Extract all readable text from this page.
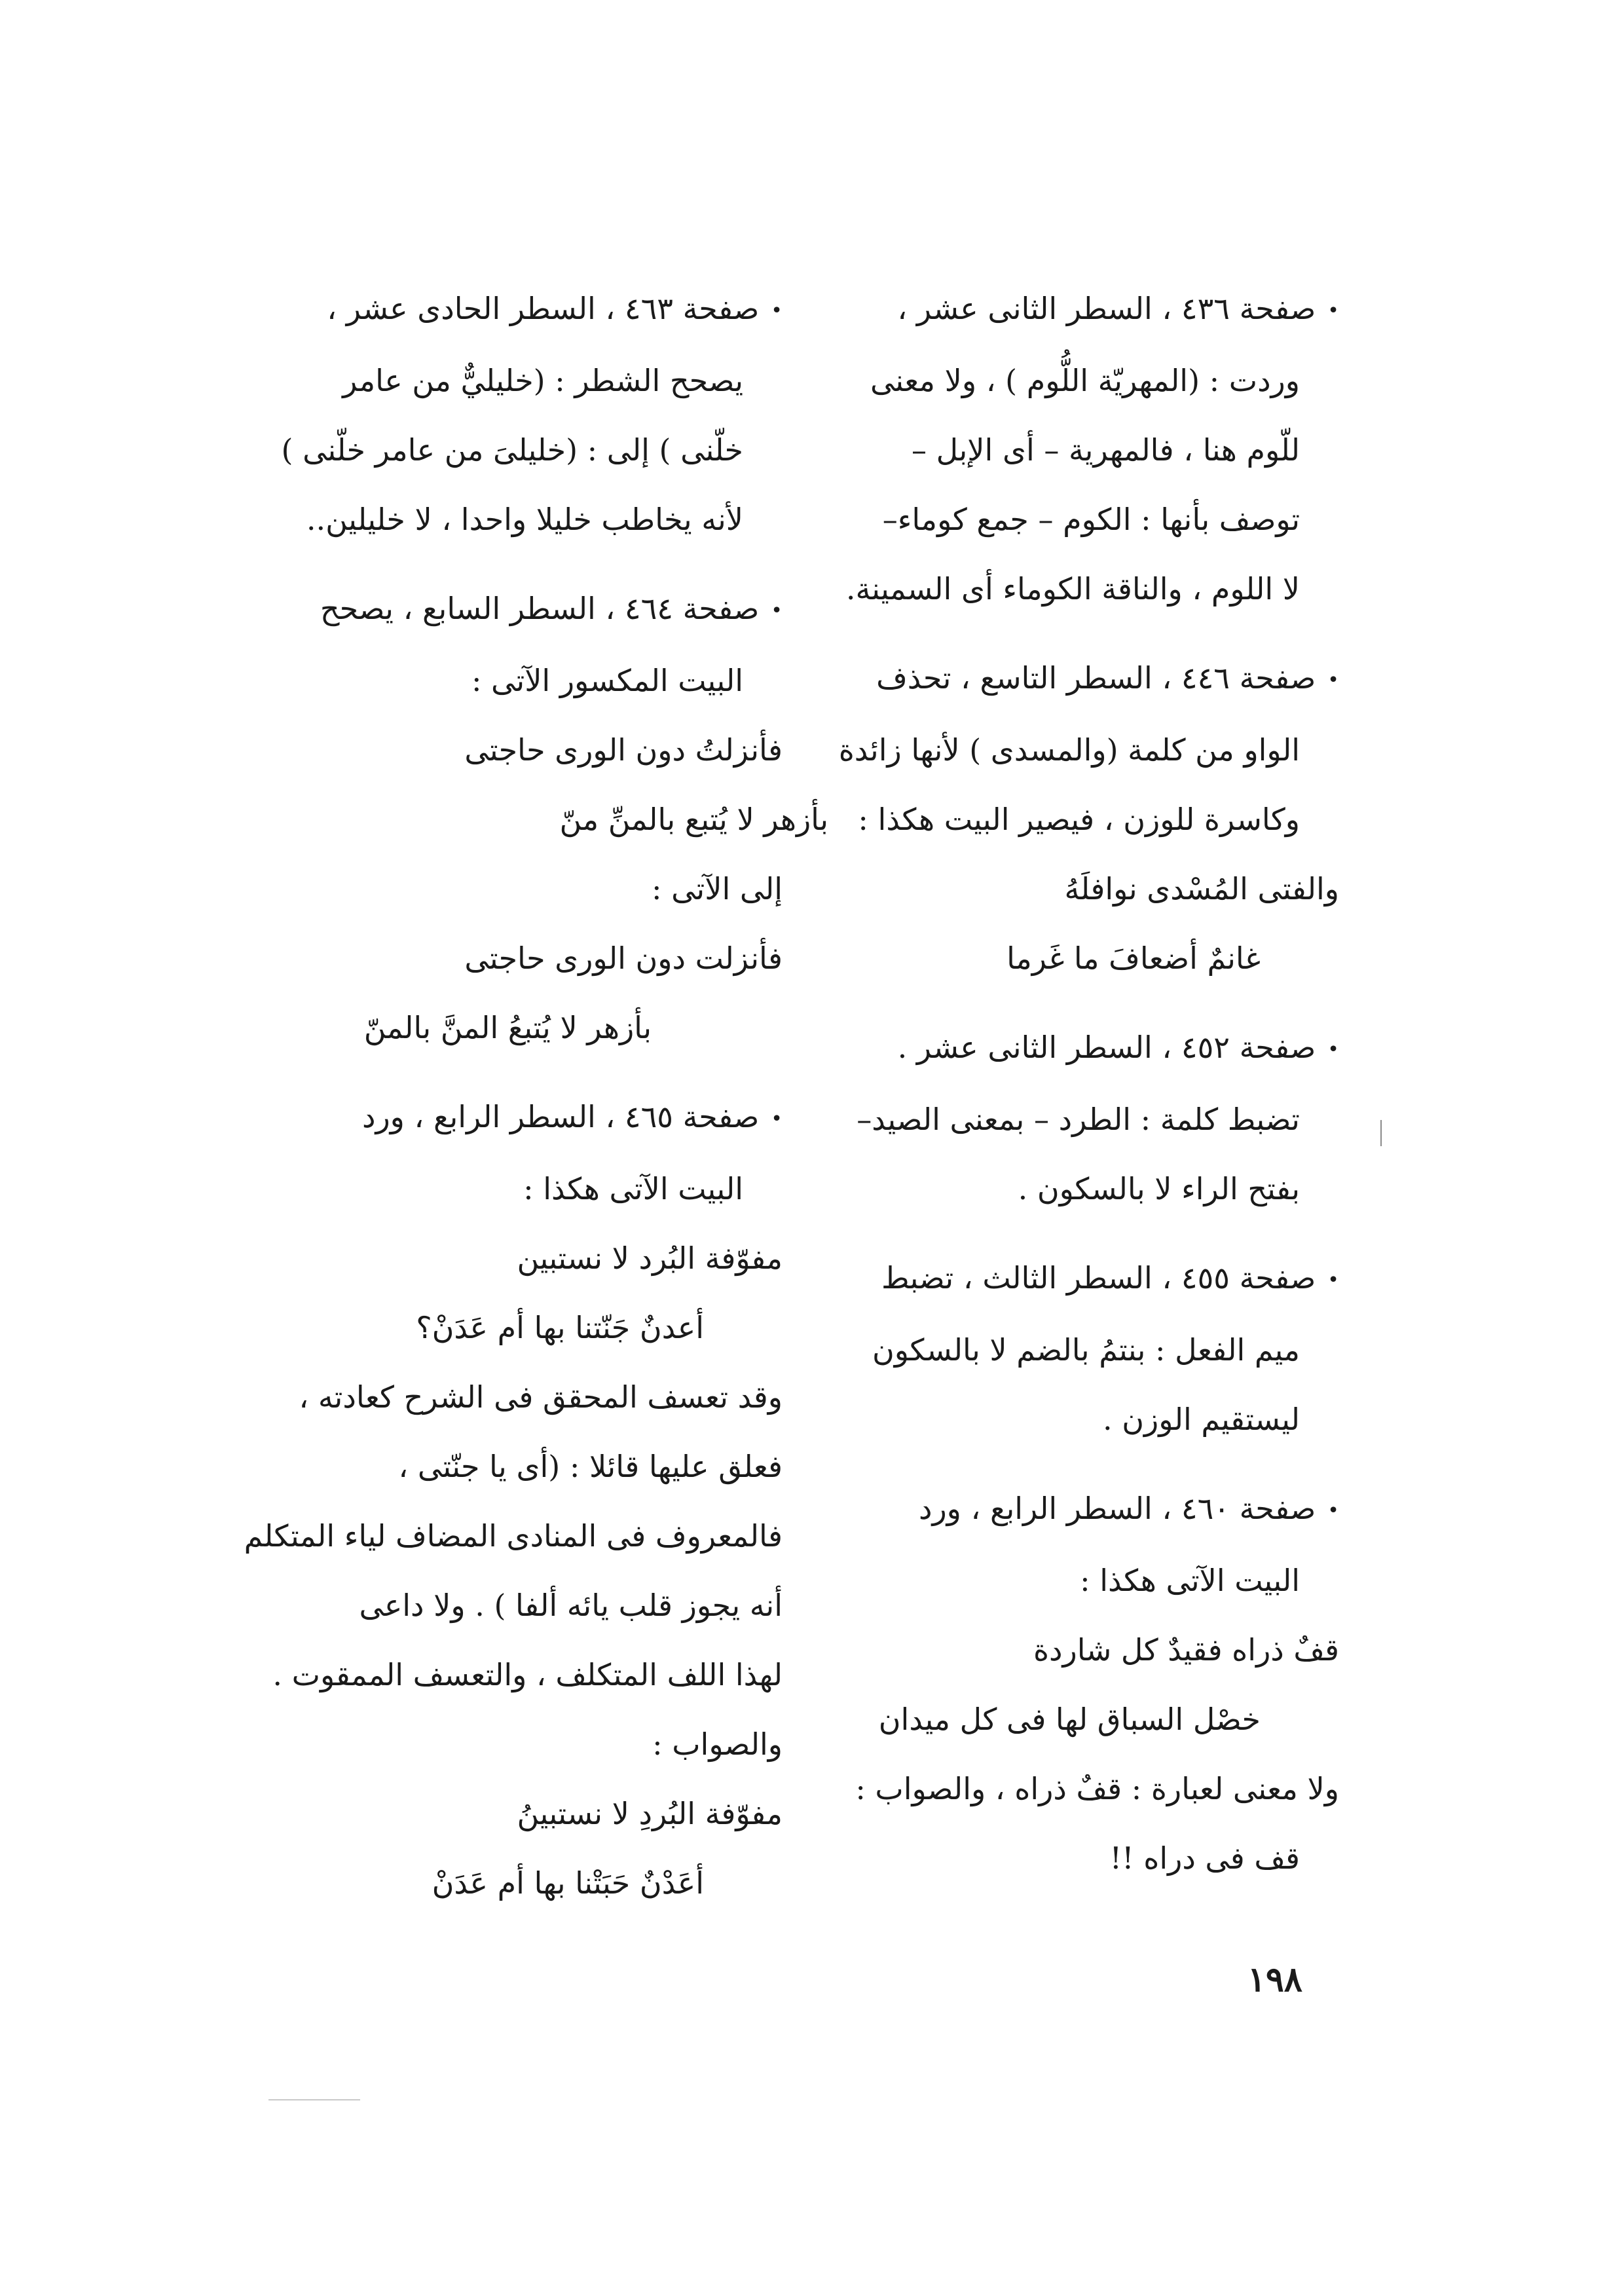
• صفحة ٤٣٦ ، السطر الثانى عشر ،
وردت : (المهريّة اللُّوم ) ، ولا معنى
للّوم هنا ، فالمهرية – أى الإبل –
توصف بأنها : الكوم – جمع كوماء–
لا اللوم ، والناقة الكوماء أى السمينة.
• صفحة ٤٤٦ ، السطر التاسع ، تحذف
الواو من كلمة (والمسدى ) لأنها زائدة
وكاسرة للوزن ، فيصير البيت هكذا :
والفتى المُسْدى نوافلَهُ
غانمٌ أضعافَ ما غَرما
• صفحة ٤٥٢ ، السطر الثانى عشر .
تضبط كلمة : الطرد – بمعنى الصيد–
بفتح الراء لا بالسكون .
• صفحة ٤٥٥ ، السطر الثالث ، تضبط
ميم الفعل : بنتمُ بالضم لا بالسكون
ليستقيم الوزن .
• صفحة ٤٦٠ ، السطر الرابع ، ورد
البيت الآتى هكذا :
قفٌ ذراه فقيدٌ كل شاردة
خصْل السباق لها فى كل ميدان
ولا معنى لعبارة : قفٌ ذراه ، والصواب :
قف فى دراه !!
• صفحة ٤٦٣ ، السطر الحادى عشر ،
يصحح الشطر : (خليليٌّ من عامر
خلّنى ) إلى : (خليلىَ من عامر خلّنى )
لأنه يخاطب خليلا واحدا ، لا خليلين..
• صفحة ٤٦٤ ، السطر السابع ، يصحح
البيت المكسور الآتى :
فأنزلتُ دون الورى حاجتى
بأزهر لا يُتبع بالمنِّ منّ
إلى الآتى :
فأنزلت دون الورى حاجتى
بأزهر لا يُتبعُ المنَّ بالمنّ
• صفحة ٤٦٥ ، السطر الرابع ، ورد
البيت الآتى هكذا :
مفوّفة البُرد لا نستبين
أعدنٌ جَنّتنا بها أم عَدَنْ؟
وقد تعسف المحقق فى الشرح كعادته ،
فعلق عليها قائلا : (أى يا جنّتى ،
فالمعروف فى المنادى المضاف لياء المتكلم
أنه يجوز قلب يائه ألفا ) . ولا داعى
لهذا اللف المتكلف ، والتعسف الممقوت .
والصواب :
مفوّفة البُردِ لا نستبينُ
أعَدْنٌ حَبَتْنا بها أم عَدَنْ
١٩٨
